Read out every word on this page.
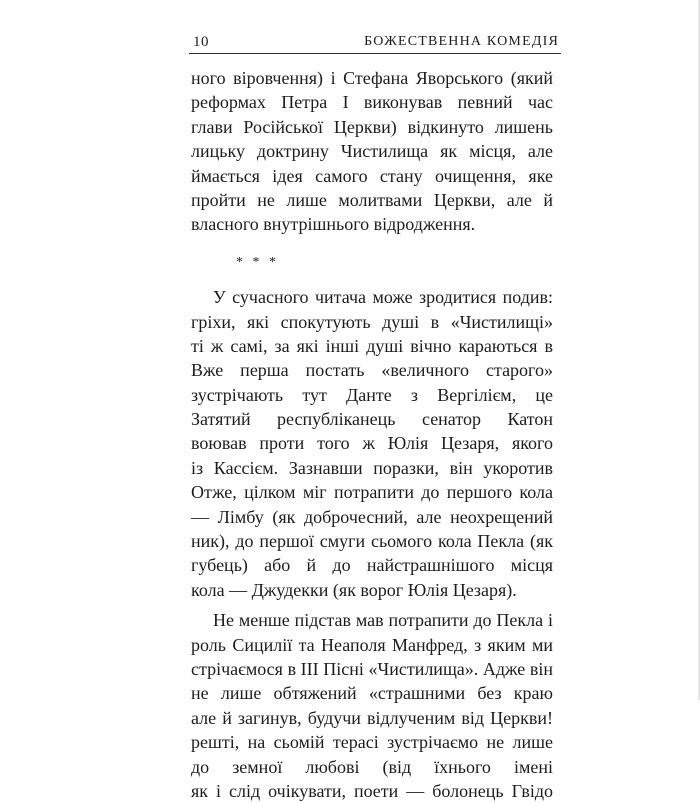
10	БОЖЕСТВЕННА КОМЕДІЯ
ного віровчення) і Стефана Яворського (який
реформах Петра І виконував певний час
глави Російської Церкви) відкинуто лишень
лицьку доктрину Чистилища як місця, але
ймається ідея самого стану очищення, яке
пройти не лише молитвами Церкви, але й
власного внутрішнього відродження.
* * *
У сучасного читача може зродитися подив:
гріхи, які спокутують душі в «Чистилищі»
ті ж самі, за які інші душі вічно караються в
Вже перша постать «величного старого»
зустрічають тут Данте з Вергілієм, це
Затятий республіканець сенатор Катон
воював проти того ж Юлія Цезаря, якого
із Кассієм. Зазнавши поразки, він укоротив
Отже, цілком міг потрапити до першого кола
— Лімбу (як доброчесний, але неохрещений
ник), до першої смуги сьомого кола Пекла (як
губець) або й до найстрашнішого місця
кола — Джудекки (як ворог Юлія Цезаря).
Не менше підстав мав потрапити до Пекла і
роль Сицилії та Неаполя Манфред, з яким ми
стрічаємося в III Пісні «Чистилища». Адже він
не лише обтяжений «страшними без краю
але й загинув, будучи відлученим від Церкви!
решті, на сьомій терасі зустрічаємо не лише
до земної любові (від їхнього імені
як і слід очікувати, поети — болонець Гвідо
